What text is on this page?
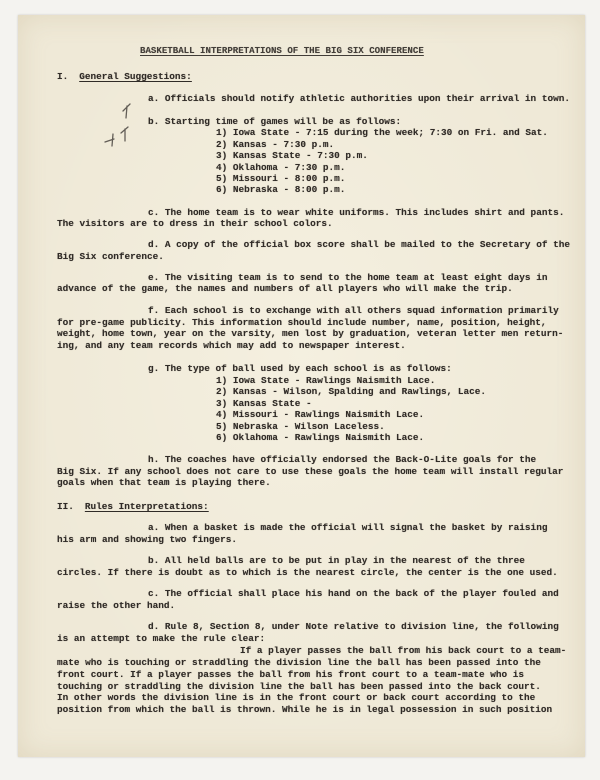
BASKETBALL INTERPRETATIONS OF THE BIG SIX CONFERENCE
I. General Suggestions:
a. Officials should notify athletic authorities upon their arrival in town.
b. Starting time of games will be as follows:
1) Iowa State - 7:15 during the week; 7:30 on Fri. and Sat.
2) Kansas - 7:30 p.m.
3) Kansas State - 7:30 p.m.
4) Oklahoma - 7:30 p.m.
5) Missouri - 8:00 p.m.
6) Nebraska - 8:00 p.m.
c. The home team is to wear white uniforms. This includes shirt and pants.
The visitors are to dress in their school colors.
d. A copy of the official box score shall be mailed to the Secretary of the
Big Six conference.
e. The visiting team is to send to the home team at least eight days in
advance of the game, the names and numbers of all players who will make the trip.
f. Each school is to exchange with all others squad information primarily
for pre-game publicity. This information should include number, name, position, height,
weight, home town, year on the varsity, men lost by graduation, veteran letter men return-
ing, and any team records which may add to newspaper interest.
g. The type of ball used by each school is as follows:
1) Iowa State - Rawlings Naismith Lace.
2) Kansas - Wilson, Spalding and Rawlings, Lace.
3) Kansas State -
4) Missouri - Rawlings Naismith Lace.
5) Nebraska - Wilson Laceless.
6) Oklahoma - Rawlings Naismith Lace.
h. The coaches have officially endorsed the Back-O-Lite goals for the
Big Six. If any school does not care to use these goals the home team will install regular
goals when that team is playing there.
II. Rules Interpretations:
a. When a basket is made the official will signal the basket by raising
his arm and showing two fingers.
b. All held balls are to be put in play in the nearest of the three
circles. If there is doubt as to which is the nearest circle, the center is the one used.
c. The official shall place his hand on the back of the player fouled and
raise the other hand.
d. Rule 8, Section 8, under Note relative to division line, the following
is an attempt to make the rule clear:
If a player passes the ball from his back court to a team-
mate who is touching or straddling the division line the ball has been passed into the
front court. If a player passes the ball from his front court to a team-mate who is
touching or straddling the division line the ball has been passed into the back court.
In other words the division line is in the front court or back court according to the
position from which the ball is thrown. While he is in legal possession in such position
